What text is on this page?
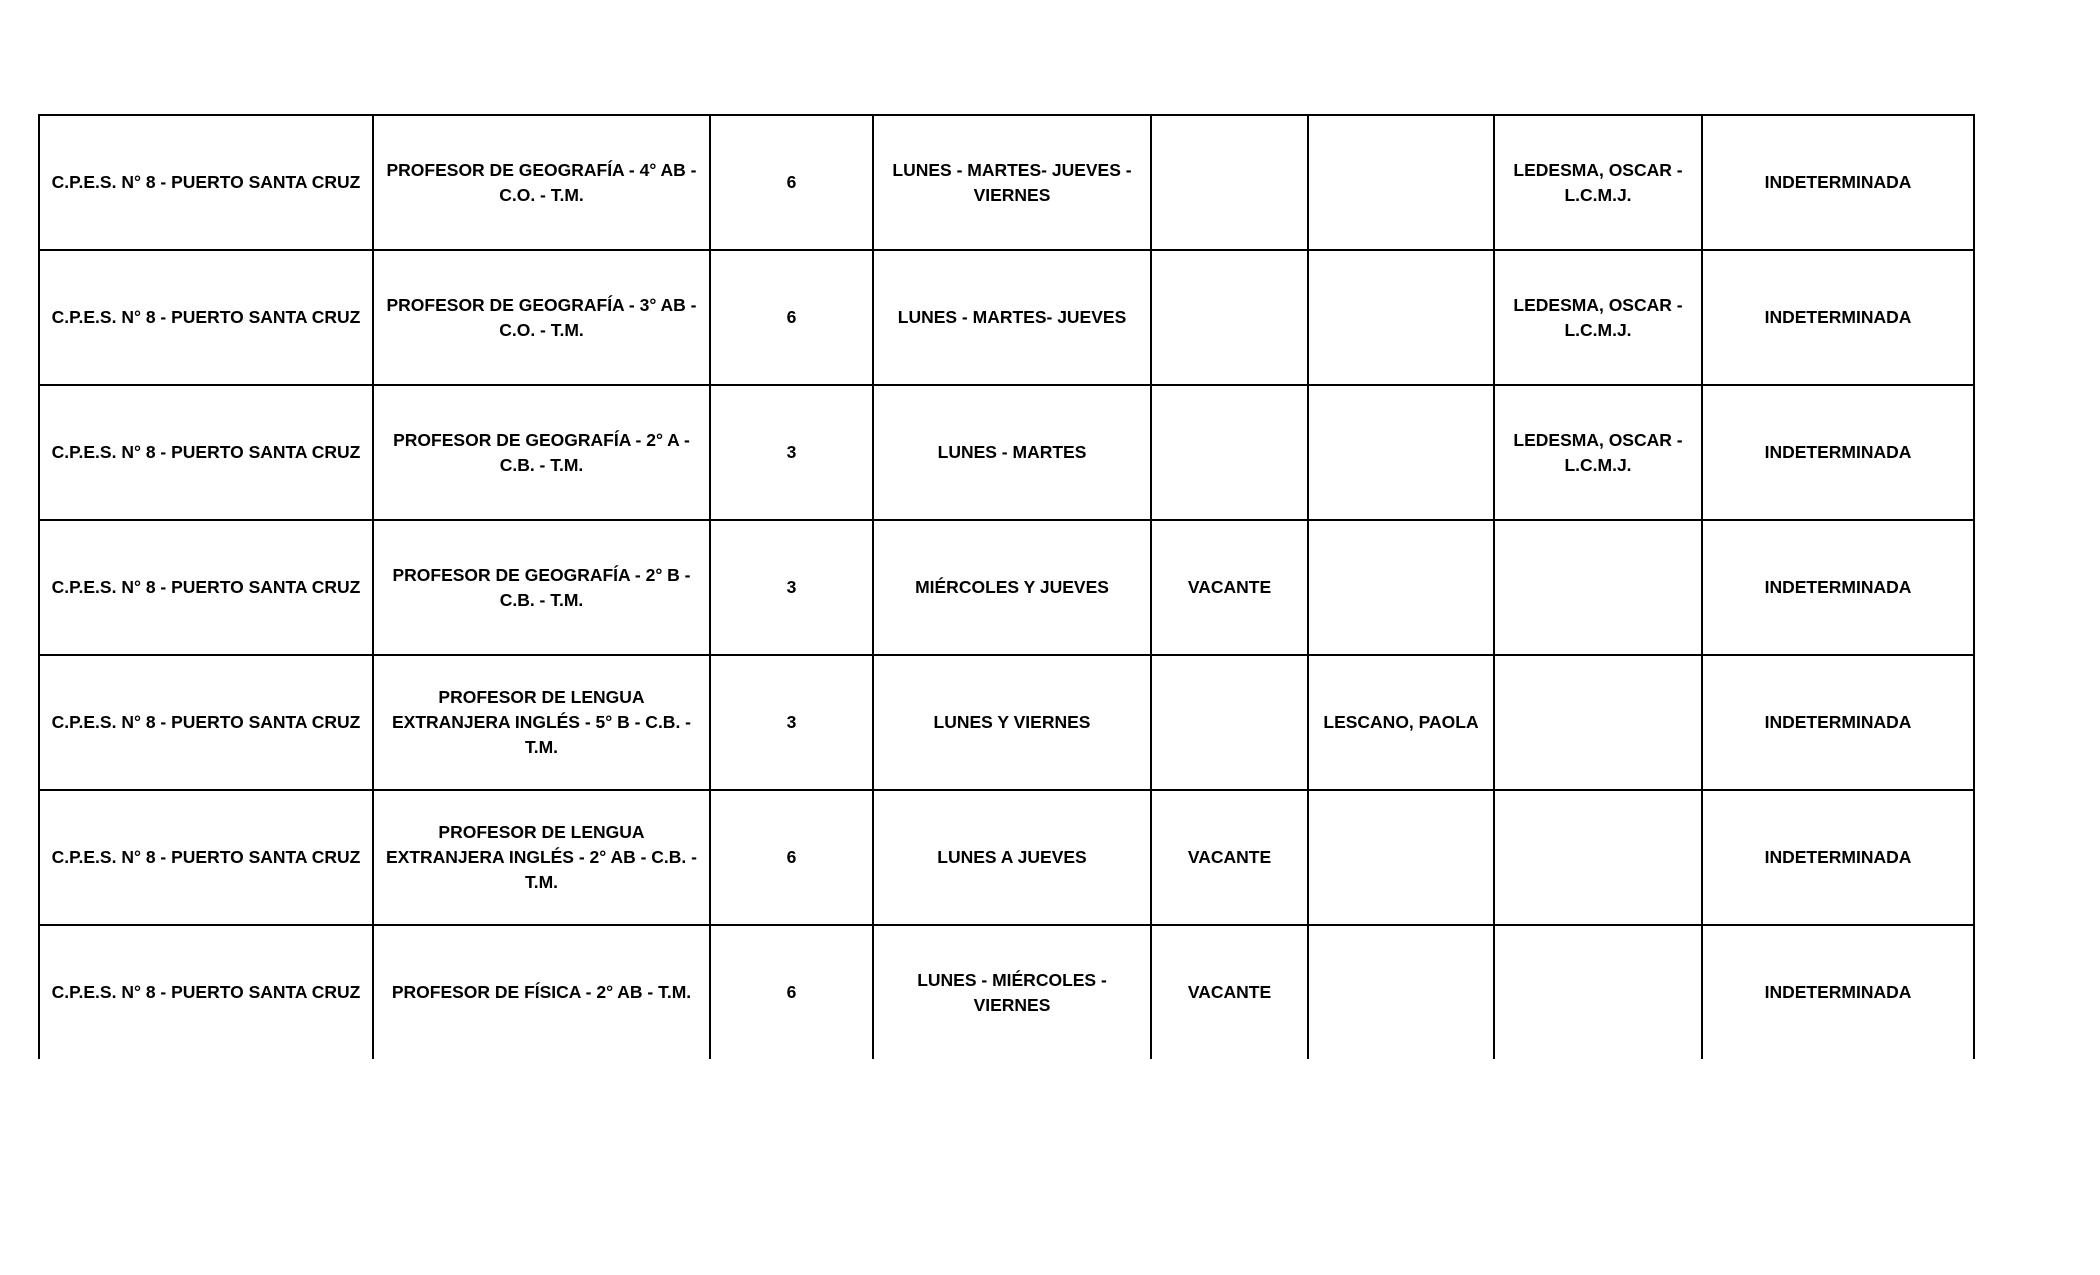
C.P.E.S. N° 8 - PUERTO SANTA CRUZ	PROFESOR DE GEOGRAFÍA - 4° AB - C.O. - T.M.	6	LUNES - MARTES- JUEVES - VIERNES			LEDESMA, OSCAR - L.C.M.J.	INDETERMINADA
C.P.E.S. N° 8 - PUERTO SANTA CRUZ	PROFESOR DE GEOGRAFÍA - 3° AB - C.O. - T.M.	6	LUNES - MARTES- JUEVES			LEDESMA, OSCAR - L.C.M.J.	INDETERMINADA
C.P.E.S. N° 8 - PUERTO SANTA CRUZ	PROFESOR DE GEOGRAFÍA - 2° A - C.B. - T.M.	3	LUNES - MARTES			LEDESMA, OSCAR - L.C.M.J.	INDETERMINADA
C.P.E.S. N° 8 - PUERTO SANTA CRUZ	PROFESOR DE GEOGRAFÍA - 2° B - C.B. - T.M.	3	MIÉRCOLES Y JUEVES	VACANTE			INDETERMINADA
C.P.E.S. N° 8 - PUERTO SANTA CRUZ	PROFESOR DE LENGUA EXTRANJERA INGLÉS - 5° B - C.B. - T.M.	3	LUNES Y VIERNES		LESCANO, PAOLA		INDETERMINADA
C.P.E.S. N° 8 - PUERTO SANTA CRUZ	PROFESOR DE LENGUA EXTRANJERA INGLÉS - 2° AB - C.B. - T.M.	6	LUNES A JUEVES	VACANTE			INDETERMINADA
C.P.E.S. N° 8 - PUERTO SANTA CRUZ	PROFESOR DE FÍSICA - 2° AB - T.M.	6	LUNES - MIÉRCOLES - VIERNES	VACANTE			INDETERMINADA
